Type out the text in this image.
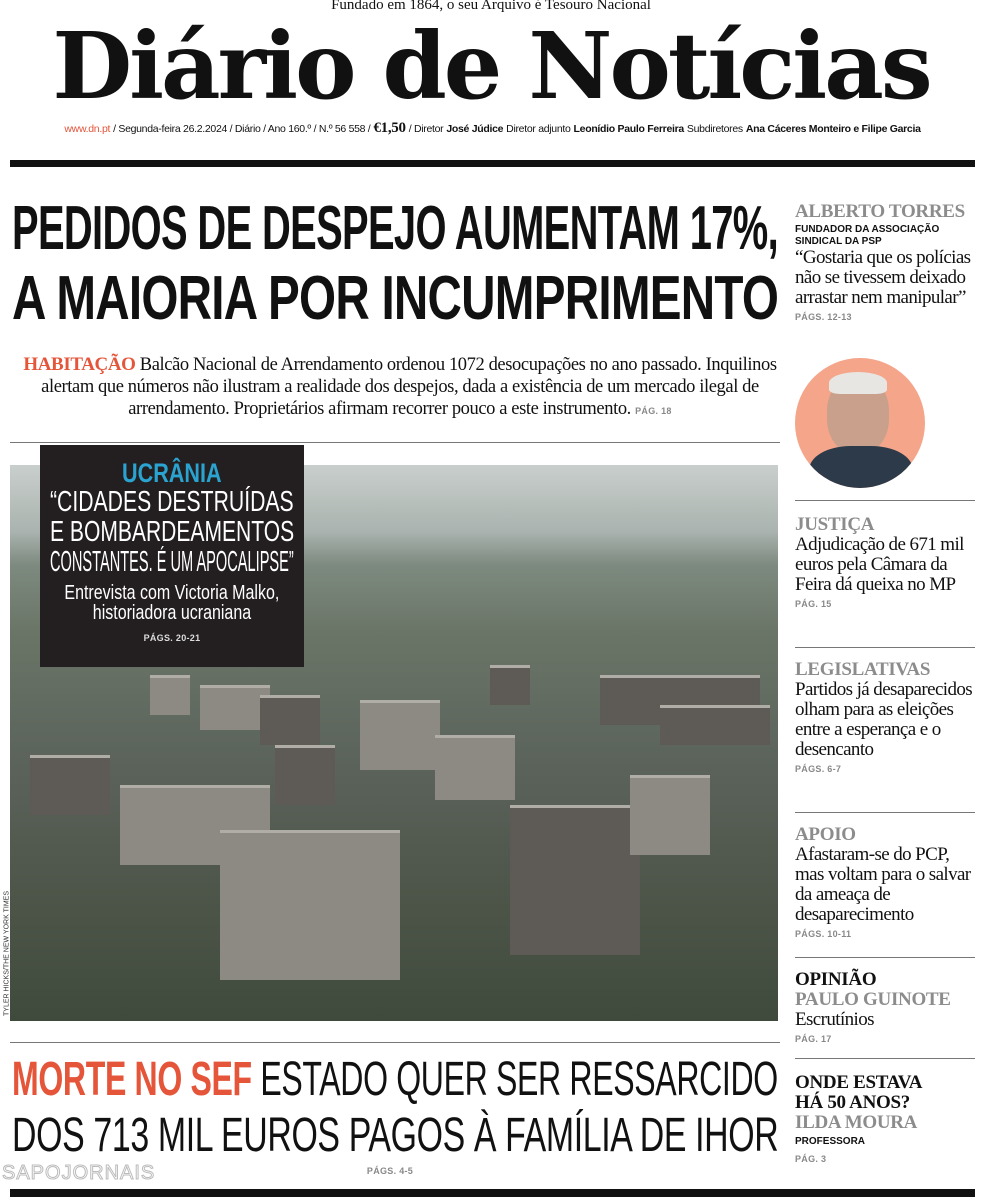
Fundado em 1864, o seu Arquivo é Tesouro Nacional
Diário de Notícias
www.dn.pt / Segunda-feira 26.2.2024 / Diário / Ano 160.º / N.º 56 558 / €1,50 / Diretor José Júdice Diretor adjunto Leonídio Paulo Ferreira Subdiretores Ana Cáceres Monteiro e Filipe Garcia
PEDIDOS DE DESPEJO AUMENTAM 17%,
A MAIORIA POR INCUMPRIMENTO
HABITAÇÃO Balcão Nacional de Arrendamento ordenou 1072 desocupações no ano passado. Inquilinos alertam que números não ilustram a realidade dos despejos, dada a existência de um mercado ilegal de arrendamento. Proprietários afirmam recorrer pouco a este instrumento. PÁG. 18
TYLER HICKS/THE NEW YORK TIMES
UCRÂNIA
“CIDADES DESTRUÍDAS
E BOMBARDEAMENTOS
CONSTANTES. É UM APOCALIPSE”
Entrevista com Victoria Malko,
historiadora ucraniana
PÁGS. 20-21
MORTE NO SEF ESTADO QUER SER RESSARCIDO
DOS 713 MIL EUROS PAGOS À FAMÍLIA DE IHOR
SAPOJORNAIS	PÁGS. 4-5
ALBERTO TORRES
FUNDADOR DA ASSOCIAÇÃO
SINDICAL DA PSP
“Gostaria que os polícias não se tivessem deixado arrastar nem manipular”
PÁGS. 12-13
JUSTIÇA
Adjudicação de 671 mil euros pela Câmara da Feira dá queixa no MP
PÁG. 15
LEGISLATIVAS
Partidos já desaparecidos olham para as eleições entre a esperança e o desencanto
PÁGS. 6-7
APOIO
Afastaram-se do PCP, mas voltam para o salvar da ameaça de desaparecimento
PÁGS. 10-11
OPINIÃO
PAULO GUINOTE
Escrutínios
PÁG. 17
ONDE ESTAVA
HÁ 50 ANOS?
ILDA MOURA
PROFESSORA
PÁG. 3
